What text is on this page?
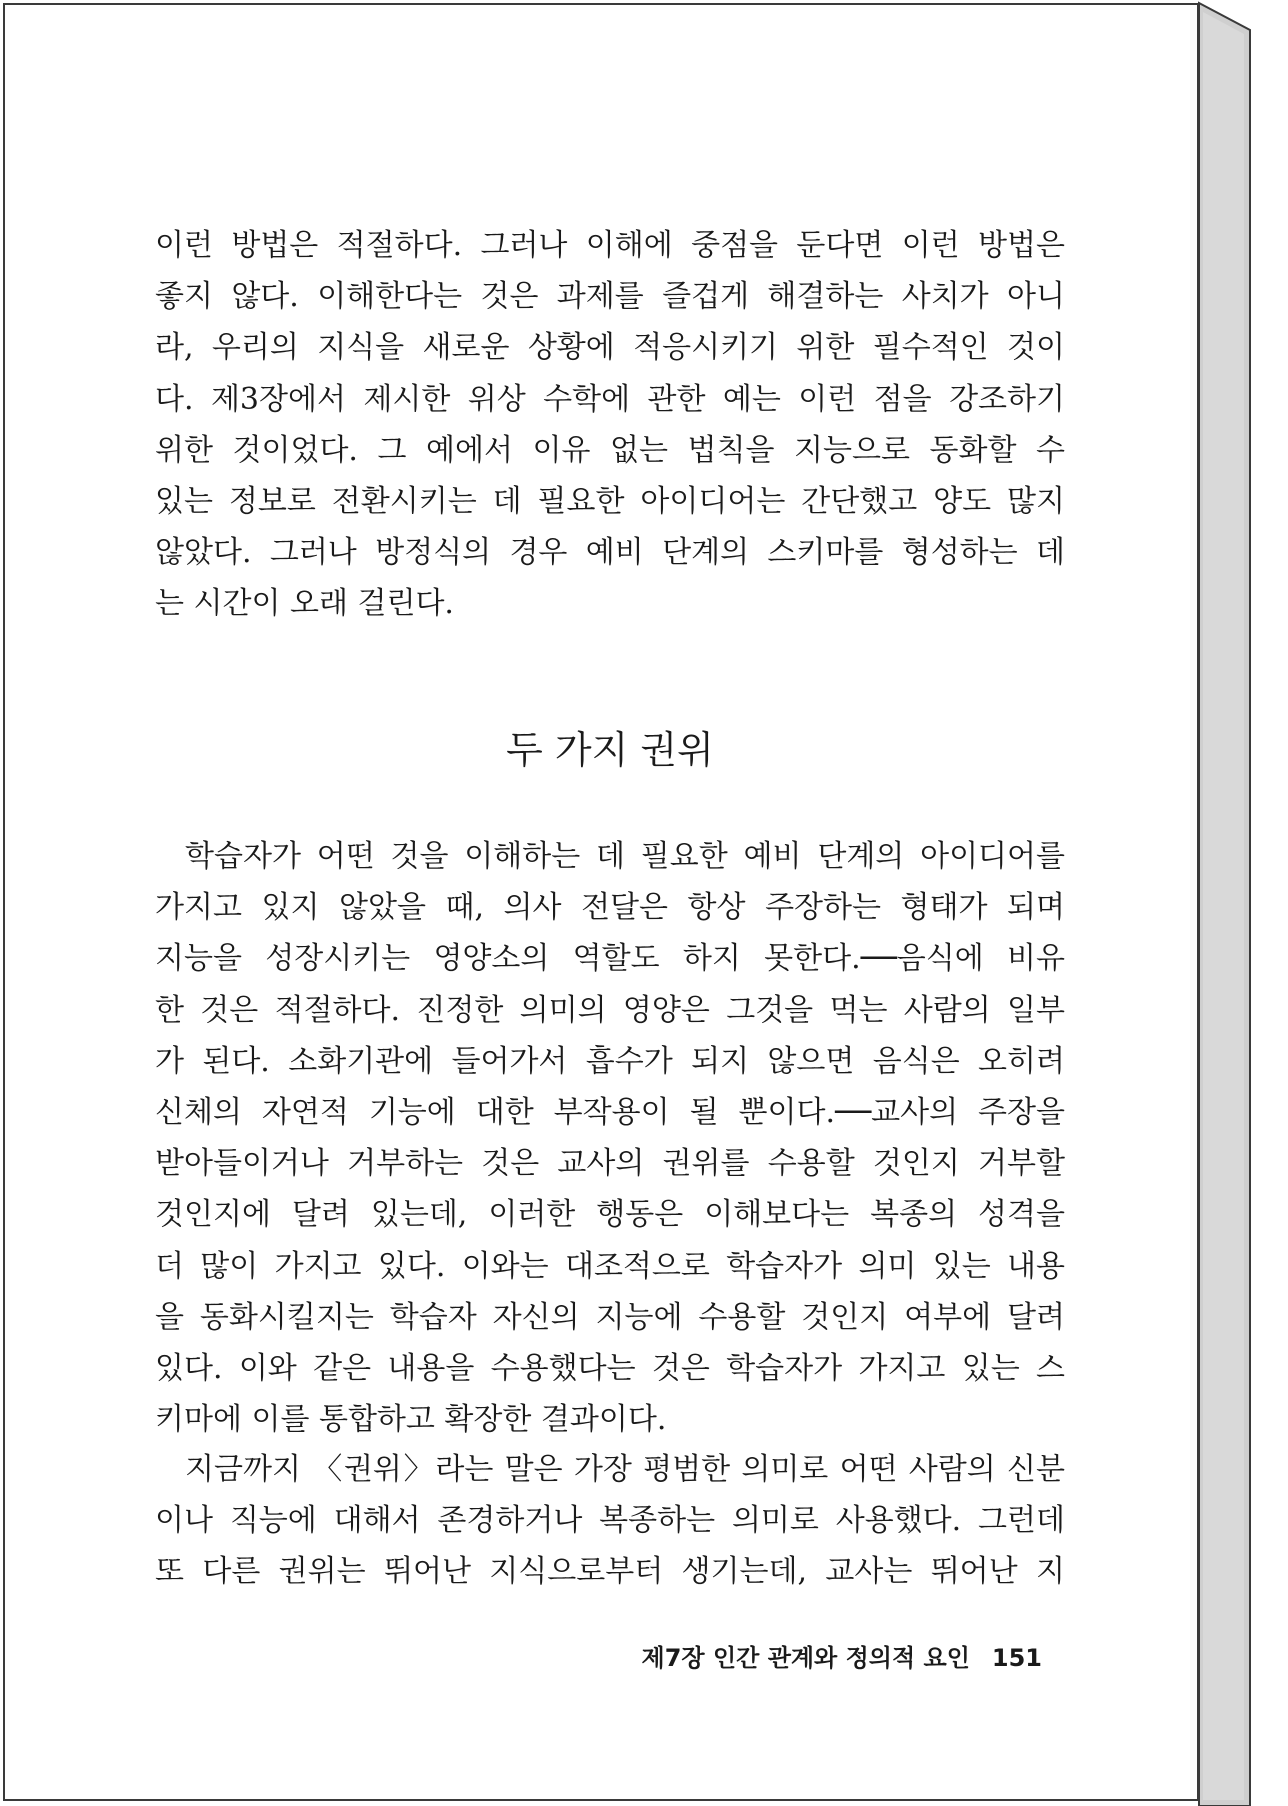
이런 방법은 적절하다. 그러나 이해에 중점을 둔다면 이런 방법은
좋지 않다. 이해한다는 것은 과제를 즐겁게 해결하는 사치가 아니
라, 우리의 지식을 새로운 상황에 적응시키기 위한 필수적인 것이
다. 제3장에서 제시한 위상 수학에 관한 예는 이런 점을 강조하기
위한 것이었다. 그 예에서 이유 없는 법칙을 지능으로 동화할 수
있는 정보로 전환시키는 데 필요한 아이디어는 간단했고 양도 많지
않았다. 그러나 방정식의 경우 예비 단계의 스키마를 형성하는 데
는 시간이 오래 걸린다.
두 가지 권위
학습자가 어떤 것을 이해하는 데 필요한 예비 단계의 아이디어를
가지고 있지 않았을 때, 의사 전달은 항상 주장하는 형태가 되며
지능을 성장시키는 영양소의 역할도 하지 못한다.──음식에 비유
한 것은 적절하다. 진정한 의미의 영양은 그것을 먹는 사람의 일부
가 된다. 소화기관에 들어가서 흡수가 되지 않으면 음식은 오히려
신체의 자연적 기능에 대한 부작용이 될 뿐이다.──교사의 주장을
받아들이거나 거부하는 것은 교사의 권위를 수용할 것인지 거부할
것인지에 달려 있는데, 이러한 행동은 이해보다는 복종의 성격을
더 많이 가지고 있다. 이와는 대조적으로 학습자가 의미 있는 내용
을 동화시킬지는 학습자 자신의 지능에 수용할 것인지 여부에 달려
있다. 이와 같은 내용을 수용했다는 것은 학습자가 가지고 있는 스
키마에 이를 통합하고 확장한 결과이다.
지금까지 〈권위〉라는 말은 가장 평범한 의미로 어떤 사람의 신분
이나 직능에 대해서 존경하거나 복종하는 의미로 사용했다. 그런데
또 다른 권위는 뛰어난 지식으로부터 생기는데, 교사는 뛰어난 지
제7장 인간 관계와 정의적 요인 151
